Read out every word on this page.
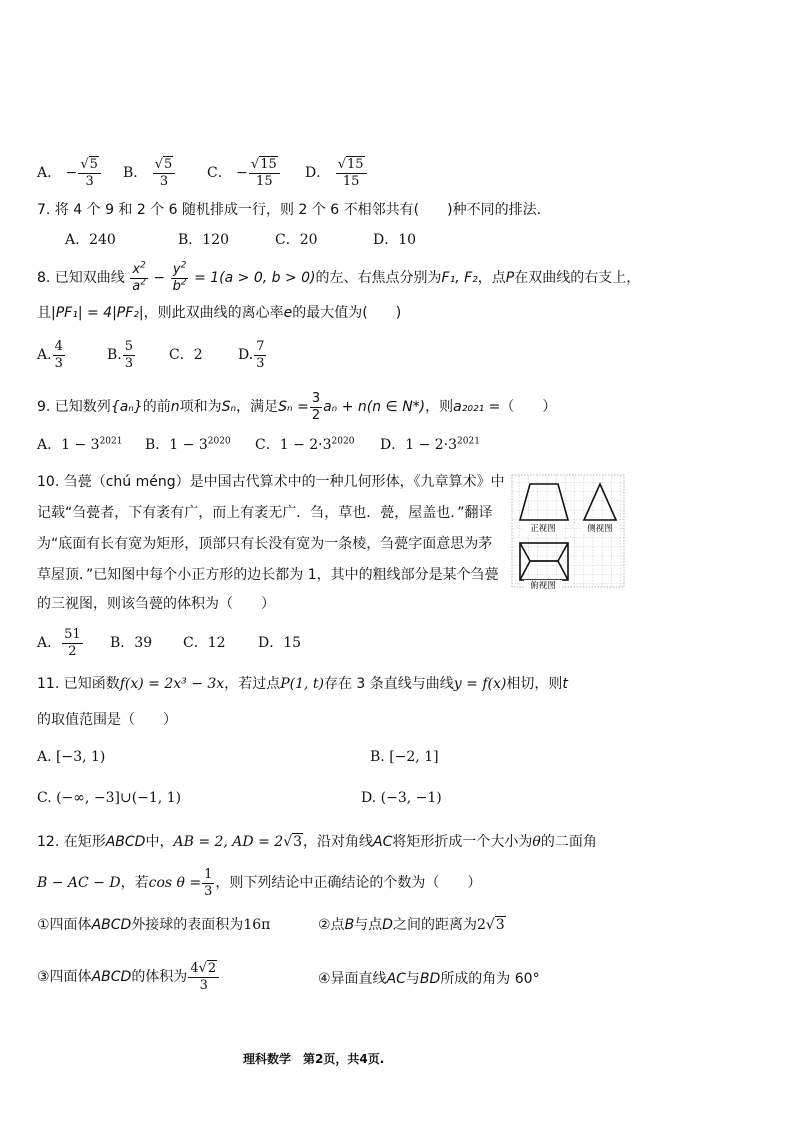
A． − $\frac{√5}{3}$ B． $\frac{√5}{3}$ C． − $\frac{√15}{15}$ D． $\frac{√15}{15}$
7. 将 4 个 9 和 2 个 6 随机排成一行，则 2 个 6 不相邻共有(　　)种不同的排法.
A．240	B．120	C．20	D．10
8. 已知双曲线 $\frac{x^2}{a^2} - \frac{y^2}{b^2} = 1(a > 0$, b > 0)的左、右焦点分别为F₁, F₂，点P在双曲线的右支上，
且|PF₁| = 4|PF₂|，则此双曲线的离心率e的最大值为(　　)
A. $\frac{4}{3}$	B. $\frac{5}{3}$ C．2	D. $\frac{7}{3}$
9. 已知数列{aₙ}的前n项和为Sₙ，满足$S_n = \frac{3}{2}$ aₙ + n(n ∈ N*)，则a₂₀₂₁ =（　　）
A．$1 - 3^{2021}$ B．$1 - 3^{2020}$ C．$1 - 2\cdot 3^{2020}$ D．$1 - 2\cdot 3^{2021}$
10. 刍甍（chú méng）是中国古代算术中的一种几何形体，《九章算术》中
记载“刍甍者，下有袤有广，而上有袤无广．刍，草也．甍，屋盖也．”翻译
为“底面有长有宽为矩形，顶部只有长没有宽为一条棱，刍甍字面意思为茅
草屋顶．”已知图中每个小正方形的边长都为 1，其中的粗线部分是某个刍甍
的三视图，则该刍甍的体积为（　　）
正视图	侧视图
俯视图
A． $\frac{51}{2}$ B．39 C．12 D．15
11. 已知函数f(x) = 2x³ − 3x，若过点P(1, t)存在 3 条直线与曲线y = f(x)相切，则t
的取值范围是（　　）
A. [−3, 1)	B. [−2, 1]
C. (−∞, −3]∪(−1, 1)	D. (−3, −1)
12. 在矩形ABCD中，AB = 2, AD = 2√3，沿对角线AC将矩形折成一个大小为θ的二面角
B − AC − D，若$\cos \theta = \frac{1}{3}$ ，则下列结论中正确结论的个数为（　　）
①四面体ABCD外接球的表面积为16π	②点B与点D之间的距离为2√3
③四面体ABCD的体积为 $\frac{4√2}{3}$	④异面直线AC与BD所成的角为 60°
理科数学　第2页，共4页.
